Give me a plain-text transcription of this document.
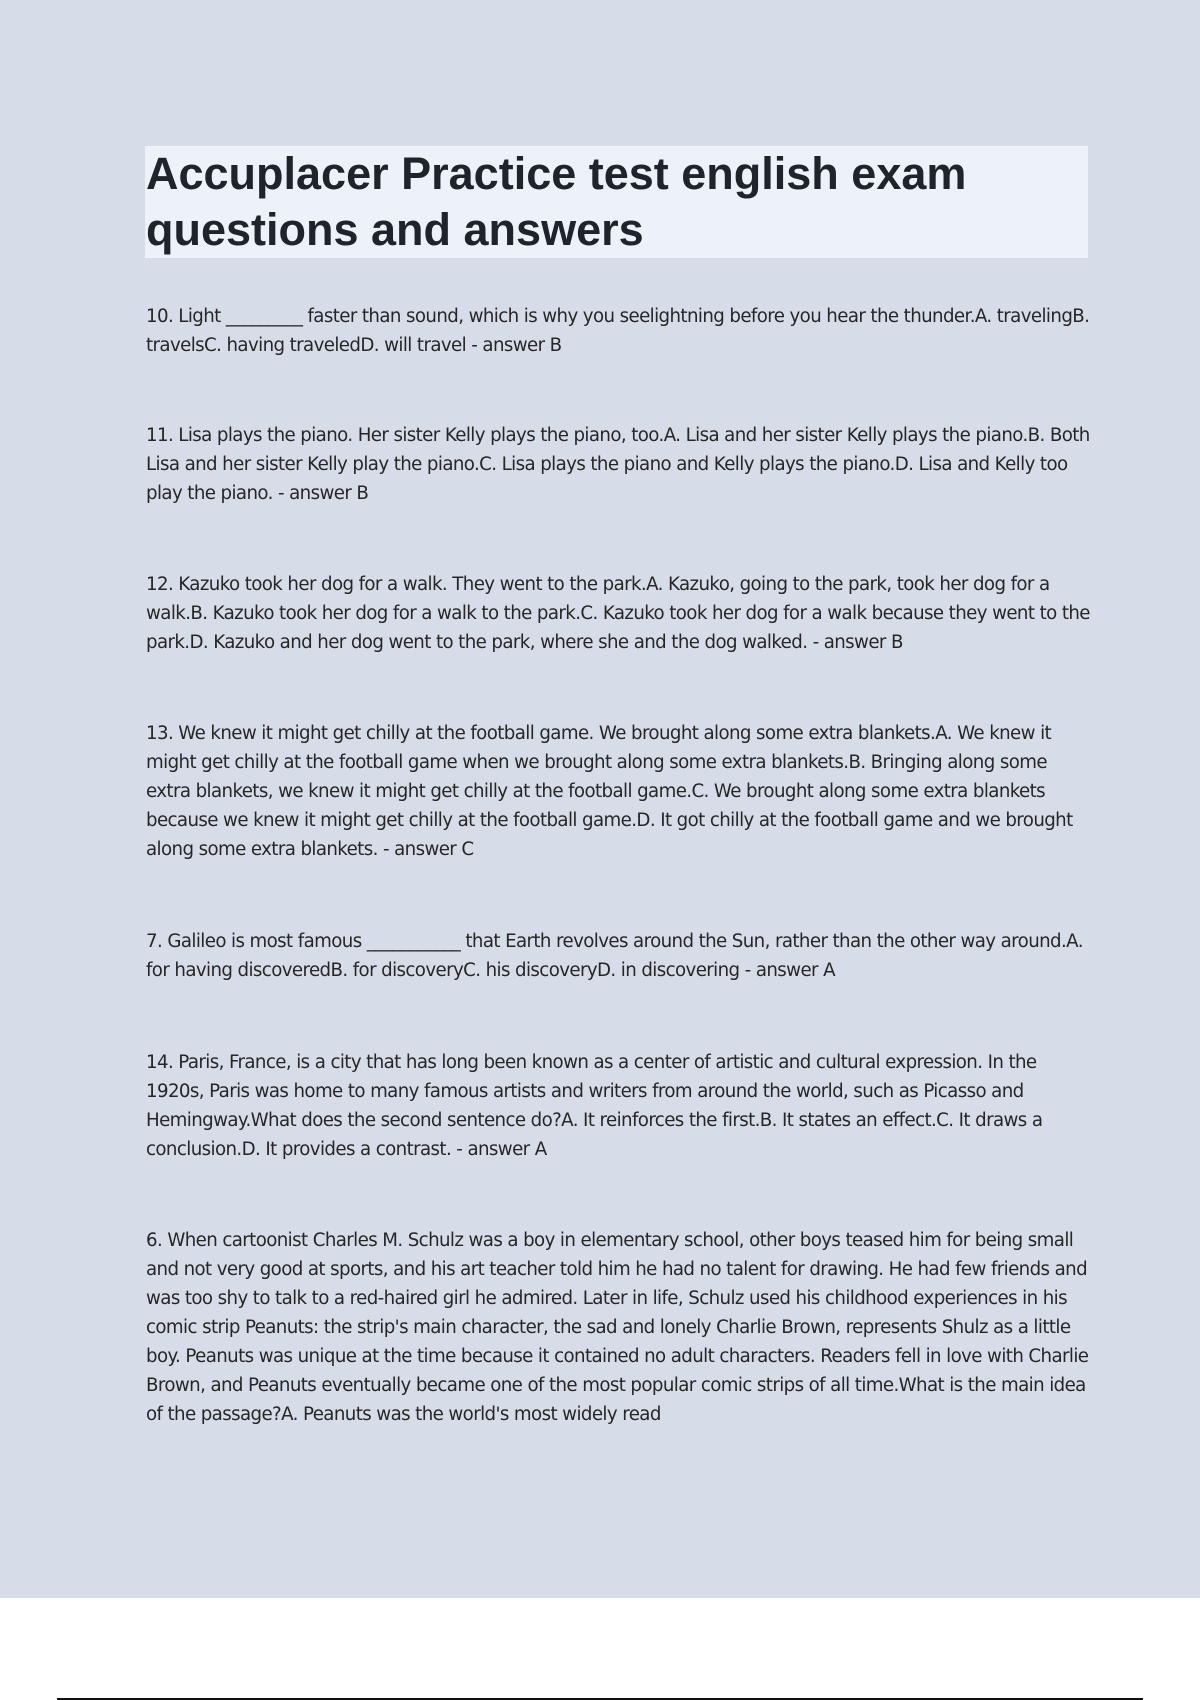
Accuplacer Practice test english exam questions and answers

10. Light _________ faster than sound, which is why you seelightning before you hear the thunder.A. travelingB. travelsC. having traveledD. will travel - answer B

11. Lisa plays the piano. Her sister Kelly plays the piano, too.A. Lisa and her sister Kelly plays the piano.B. Both Lisa and her sister Kelly play the piano.C. Lisa plays the piano and Kelly plays the piano.D. Lisa and Kelly too play the piano. - answer B

12. Kazuko took her dog for a walk. They went to the park.A. Kazuko, going to the park, took her dog for a walk.B. Kazuko took her dog for a walk to the park.C. Kazuko took her dog for a walk because they went to the park.D. Kazuko and her dog went to the park, where she and the dog walked. - answer B

13. We knew it might get chilly at the football game. We brought along some extra blankets.A. We knew it might get chilly at the football game when we brought along some extra blankets.B. Bringing along some extra blankets, we knew it might get chilly at the football game.C. We brought along some extra blankets because we knew it might get chilly at the football game.D. It got chilly at the football game and we brought along some extra blankets. - answer C

7. Galileo is most famous ___________ that Earth revolves around the Sun, rather than the other way around.A. for having discoveredB. for discoveryC. his discoveryD. in discovering - answer A

14. Paris, France, is a city that has long been known as a center of artistic and cultural expression. In the 1920s, Paris was home to many famous artists and writers from around the world, such as Picasso and Hemingway.What does the second sentence do?A. It reinforces the first.B. It states an effect.C. It draws a conclusion.D. It provides a contrast. - answer A

6. When cartoonist Charles M. Schulz was a boy in elementary school, other boys teased him for being small and not very good at sports, and his art teacher told him he had no talent for drawing. He had few friends and was too shy to talk to a red-haired girl he admired. Later in life, Schulz used his childhood experiences in his comic strip Peanuts: the strip's main character, the sad and lonely Charlie Brown, represents Shulz as a little boy. Peanuts was unique at the time because it contained no adult characters. Readers fell in love with Charlie Brown, and Peanuts eventually became one of the most popular comic strips of all time.What is the main idea of the passage?A. Peanuts was the world's most widely read
